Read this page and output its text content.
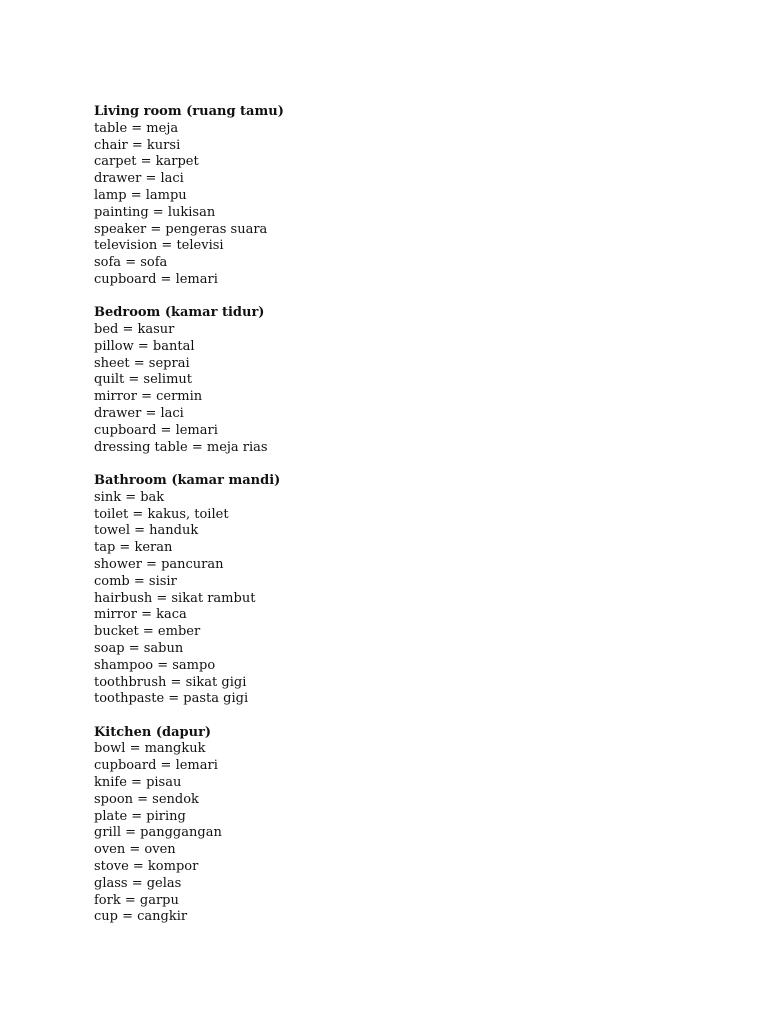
Living room (ruang tamu)
table = meja
chair = kursi
carpet = karpet
drawer = laci
lamp = lampu
painting = lukisan
speaker = pengeras suara
television = televisi
sofa = sofa
cupboard = lemari
Bedroom (kamar tidur)
bed = kasur
pillow = bantal
sheet = seprai
quilt = selimut
mirror = cermin
drawer = laci
cupboard = lemari
dressing table = meja rias
Bathroom (kamar mandi)
sink = bak
toilet = kakus, toilet
towel = handuk
tap = keran
shower = pancuran
comb = sisir
hairbush = sikat rambut
mirror = kaca
bucket = ember
soap = sabun
shampoo = sampo
toothbrush = sikat gigi
toothpaste = pasta gigi
Kitchen (dapur)
bowl = mangkuk
cupboard = lemari
knife = pisau
spoon = sendok
plate = piring
grill = panggangan
oven = oven
stove = kompor
glass = gelas
fork = garpu
cup = cangkir
